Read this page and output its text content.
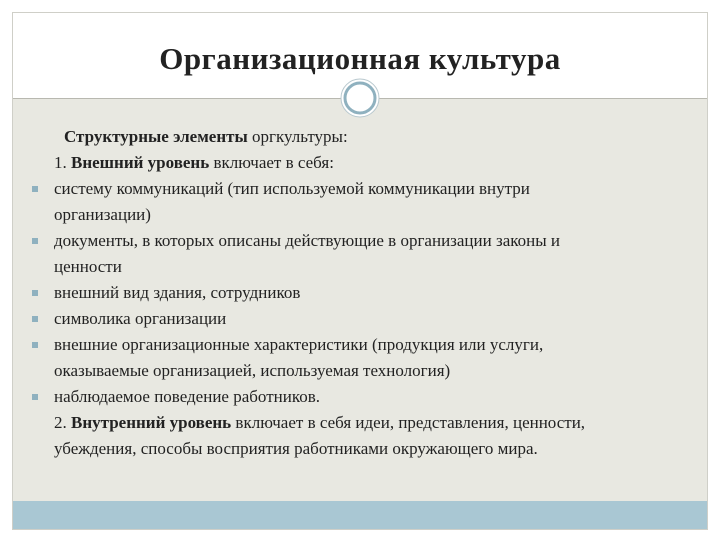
Организационная культура

Структурные элементы оргкультуры:

1. Внешний уровень включает в себя:

систему коммуникаций (тип используемой коммуникации внутри
организации)

документы, в которых описаны действующие в организации законы и
ценности

внешний вид здания, сотрудников

символика организации

внешние организационные характеристики (продукция или услуги,
оказываемые организацией, используемая технология)

наблюдаемое поведение работников.

2. Внутренний уровень включает в себя идеи, представления, ценности,
убеждения, способы восприятия работниками окружающего мира.
